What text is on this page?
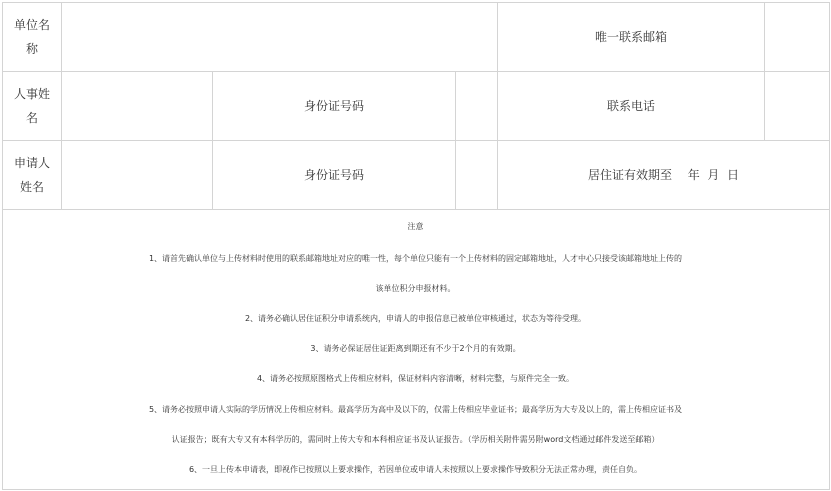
单位名
称
唯一联系邮箱
人事姓
名
身份证号码	联系电话
申请人
姓名
身份证号码	居住证有效期至　 年  月  日
注意
1、请首先确认单位与上传材料时使用的联系邮箱地址对应的唯一性，每个单位只能有一个上传材料的固定邮箱地址，人才中心只接受该邮箱地址上传的
该单位积分申报材料。
2、请务必确认居住证积分申请系统内，申请人的申报信息已被单位审核通过，状态为等待受理。
3、请务必保证居住证距离到期还有不少于2个月的有效期。
4、请务必按照原图格式上传相应材料，保证材料内容清晰，材料完整，与原件完全一致。
5、请务必按照申请人实际的学历情况上传相应材料。最高学历为高中及以下的，仅需上传相应毕业证书；最高学历为大专及以上的，需上传相应证书及
认证报告；既有大专又有本科学历的，需同时上传大专和本科相应证书及认证报告。（学历相关附件需另附word文档通过邮件发送至邮箱）
6、一旦上传本申请表，即视作已按照以上要求操作，若因单位或申请人未按照以上要求操作导致积分无法正常办理，责任自负。
